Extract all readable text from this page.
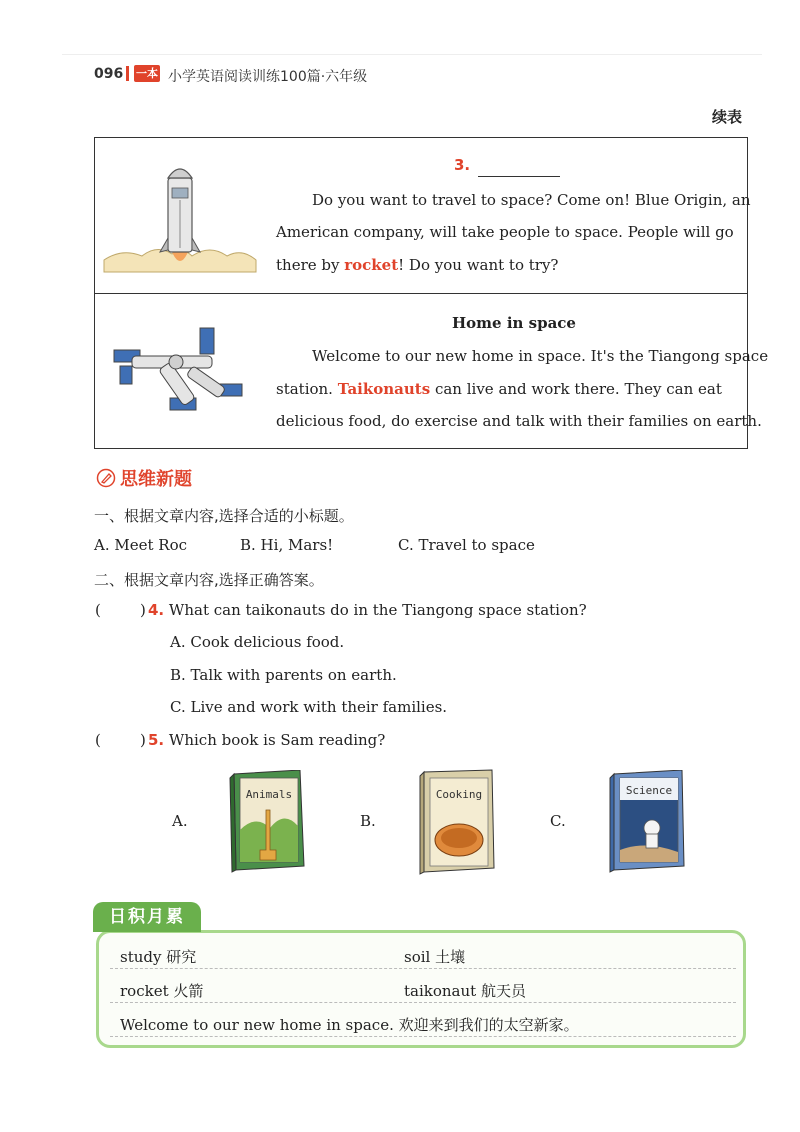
096 一本 小学英语阅读训练100篇·六年级
续表
3.
Do you want to travel to space? Come on! Blue Origin, an
American company, will take people to space. People will go
there by rocket! Do you want to try?
Home in space
Welcome to our new home in space. It's the Tiangong space
station. Taikonauts can live and work there. They can eat
delicious food, do exercise and talk with their families on earth.
思维新题
一、根据文章内容,选择合适的小标题。
A. Meet Roc	B. Hi, Mars!	C. Travel to space
二、根据文章内容,选择正确答案。
(	) 4. What can taikonauts do in the Tiangong space station?
A. Cook delicious food.
B. Talk with parents on earth.
C. Live and work with their families.
(	) 5. Which book is Sam reading?
A.	B.	C.
Animals	Cooking	Science
日积月累
study 研究	soil 土壤
rocket 火箭	taikonaut 航天员
Welcome to our new home in space. 欢迎来到我们的太空新家。
